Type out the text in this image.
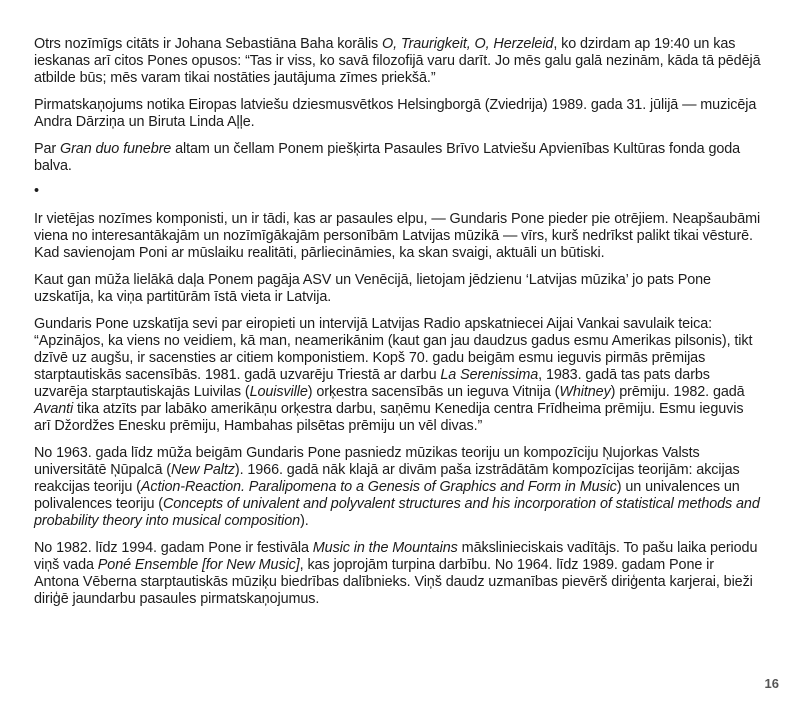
Otrs nozīmīgs citāts ir Johana Sebastiāna Baha korālis O, Traurigkeit, O, Herzeleid, ko dzirdam ap 19:40 un kas ieskanas arī citos Pones opusos: “Tas ir viss, ko savā filozofijā varu darīt. Jo mēs galu galā nezinām, kāda tā pēdējā atbilde būs; mēs varam tikai nostāties jautājuma zīmes priekšā.”

Pirmatskaņojums notika Eiropas latviešu dziesmusvētkos Helsingborgā (Zviedrija) 1989. gada 31. jūlijā — muzicēja Andra Dārziņa un Biruta Linda Aļļe.

Par Gran duo funebre altam un čellam Ponem piešķirta Pasaules Brīvo Latviešu Apvienības Kultūras fonda goda balva.

•

Ir vietējas nozīmes komponisti, un ir tādi, kas ar pasaules elpu, — Gundaris Pone pieder pie otrējiem. Neapšaubāmi viena no interesantākajām un nozīmīgākajām personībām Latvijas mūzikā — vīrs, kurš nedrīkst palikt tikai vēsturē. Kad savienojam Poni ar mūslaiku realitāti, pārliecināmies, ka skan svaigi, aktuāli un būtiski.

Kaut gan mūža lielākā daļa Ponem pagāja ASV un Venēcijā, lietojam jēdzienu ‘Latvijas mūzika’ jo pats Pone uzskatīja, ka viņa partitūrām īstā vieta ir Latvija.

Gundaris Pone uzskatīja sevi par eiropieti un intervijā Latvijas Radio apskatniecei Aijai Vankai savulaik teica: “Apzinājos, ka viens no veidiem, kā man, neamerikānim (kaut gan jau daudzus gadus esmu Amerikas pilsonis), tikt dzīvē uz augšu, ir sacensties ar citiem komponistiem. Kopš 70. gadu beigām esmu ieguvis pirmās prēmijas starptautiskās sacensībās. 1981. gadā uzvarēju Triestā ar darbu La Serenissima, 1983. gadā tas pats darbs uzvarēja starptautiskajās Luivilas (Louisville) orķestra sacensībās un ieguva Vitnija (Whitney) prēmiju. 1982. gadā Avanti tika atzīts par labāko amerikāņu orķestra darbu, saņēmu Kenedija centra Frīdheima prēmiju. Esmu ieguvis arī Džordžes Enesku prēmiju, Hambahas pilsētas prēmiju un vēl divas.”

No 1963. gada līdz mūža beigām Gundaris Pone pasniedz mūzikas teoriju un kompozīciju Ņujorkas Valsts universitātē Ņūpalcā (New Paltz). 1966. gadā nāk klajā ar divām paša izstrādātām kompozīcijas teorijām: akcijas reakcijas teoriju (Action-Reaction. Paralipomena to a Genesis of Graphics and Form in Music) un univalences un polivalences teoriju (Concepts of univalent and polyvalent structures and his incorporation of statistical methods and probability theory into musical composition).

No 1982. līdz 1994. gadam Pone ir festivāla Music in the Mountains mākslinieciskais vadītājs. To pašu laika periodu viņš vada Poné Ensemble [for New Music], kas joprojām turpina darbību. No 1964. līdz 1989. gadam Pone ir Antona Vēberna starptautiskās mūziķu biedrības dalībnieks. Viņš daudz uzmanības pievērš diriģenta karjerai, bieži diriģē jaundarbu pasaules pirmatskaņojumus.

16
